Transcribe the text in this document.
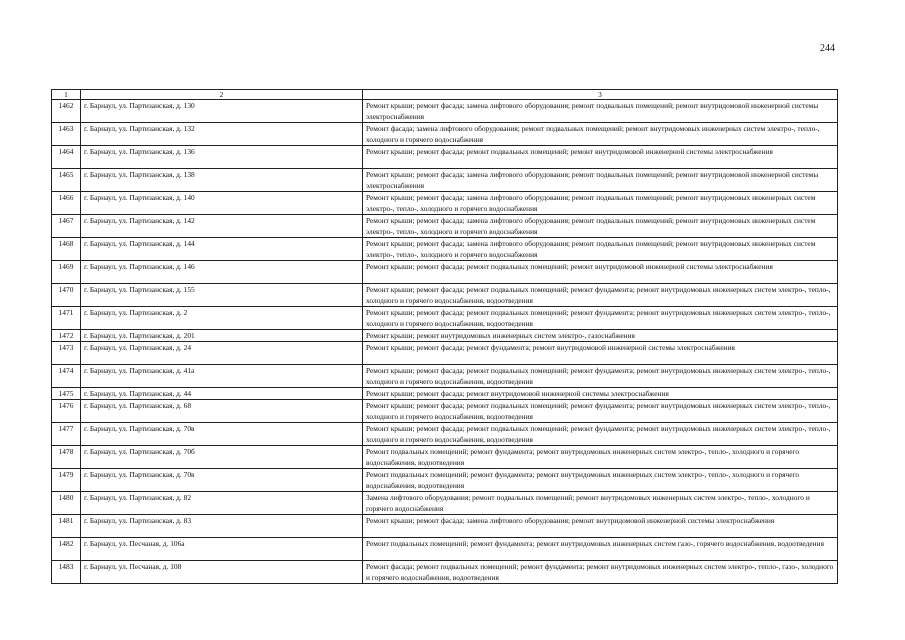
244
1	2	3
1462	г. Барнаул, ул. Партизанская, д. 130	Ремонт крыши; ремонт фасада; замена лифтового оборудования; ремонт подвальных помещений; ремонт внутридомовой инженерной системы электроснабжения
1463	г. Барнаул, ул. Партизанская, д. 132	Ремонт фасада; замена лифтового оборудования; ремонт подвальных помещений; ремонт внутридомовых инженерных систем электро-, тепло-, холодного и горячего водоснабжения
1464	г. Барнаул, ул. Партизанская, д. 136	Ремонт крыши; ремонт фасада; ремонт подвальных помещений; ремонт внутридомовой инженерной системы электроснабжения
1465	г. Барнаул, ул. Партизанская, д. 138	Ремонт крыши; ремонт фасада; замена лифтового оборудования; ремонт подвальных помещений; ремонт внутридомовой инженерной системы электроснабжения
1466	г. Барнаул, ул. Партизанская, д. 140	Ремонт крыши; ремонт фасада; замена лифтового оборудования; ремонт подвальных помещений; ремонт внутридомовых инженерных систем электро-, тепло-, холодного и горячего водоснабжения
1467	г. Барнаул, ул. Партизанская, д. 142	Ремонт крыши; ремонт фасада; замена лифтового оборудования; ремонт подвальных помещений; ремонт внутридомовых инженерных систем электро-, тепло-, холодного и горячего водоснабжения
1468	г. Барнаул, ул. Партизанская, д. 144	Ремонт крыши; ремонт фасада; замена лифтового оборудования; ремонт подвальных помещений; ремонт внутридомовых инженерных систем электро-, тепло-, холодного и горячего водоснабжения
1469	г. Барнаул, ул. Партизанская, д. 146	Ремонт крыши; ремонт фасада; ремонт подвальных помещений; ремонт внутридомовой инженерной системы электроснабжения
1470	г. Барнаул, ул. Партизанская, д. 155	Ремонт крыши; ремонт фасада; ремонт подвальных помещений; ремонт фундамента; ремонт внутридомовых инженерных систем электро-, тепло-, холодного и горячего водоснабжения, водоотведения
1471	г. Барнаул, ул. Партизанская, д. 2	Ремонт крыши; ремонт фасада; ремонт подвальных помещений; ремонт фундамента; ремонт внутридомовых инженерных систем электро-, тепло-, холодного и горячего водоснабжения, водоотведения
1472	г. Барнаул, ул. Партизанская, д. 201	Ремонт крыши; ремонт внутридомовых инженерных систем электро-, газоснабжения
1473	г. Барнаул, ул. Партизанская, д. 24	Ремонт крыши; ремонт фасада; ремонт фундамента; ремонт внутридомовой инженерной системы электроснабжения
1474	г. Барнаул, ул. Партизанская, д. 41а	Ремонт крыши; ремонт фасада; ремонт подвальных помещений; ремонт фундамента; ремонт внутридомовых инженерных систем электро-, тепло-, холодного и горячего водоснабжения, водоотведения
1475	г. Барнаул, ул. Партизанская, д. 44	Ремонт крыши; ремонт фасада; ремонт внутридомовой инженерной системы электроснабжения
1476	г. Барнаул, ул. Партизанская, д. 68	Ремонт крыши; ремонт фасада; ремонт подвальных помещений; ремонт фундамента; ремонт внутридомовых инженерных систем электро-, тепло-, холодного и горячего водоснабжения, водоотведения
1477	г. Барнаул, ул. Партизанская, д. 70в	Ремонт крыши; ремонт фасада; ремонт подвальных помещений; ремонт фундамента; ремонт внутридомовых инженерных систем электро-, тепло-, холодного и горячего водоснабжения, водоотведения
1478	г. Барнаул, ул. Партизанская, д. 70б	Ремонт подвальных помещений; ремонт фундамента; ремонт внутридомовых инженерных систем электро-, тепло-, холодного и горячего водоснабжения, водоотведения
1479	г. Барнаул, ул. Партизанская, д. 70в	Ремонт подвальных помещений; ремонт фундамента; ремонт внутридомовых инженерных систем электро-, тепло-, холодного и горячего водоснабжения, водоотведения
1480	г. Барнаул, ул. Партизанская, д. 82	Замена лифтового оборудования; ремонт подвальных помещений; ремонт внутридомовых инженерных систем электро-, тепло-, холодного и горячего водоснабжения
1481	г. Барнаул, ул. Партизанская, д. 83	Ремонт крыши; ремонт фасада; замена лифтового оборудования; ремонт внутридомовой инженерной системы электроснабжения
1482	г. Барнаул, ул. Песчаная, д. 106а	Ремонт подвальных помещений; ремонт фундамента; ремонт внутридомовых инженерных систем газо-, горячего водоснабжения, водоотведения
1483	г. Барнаул, ул. Песчаная, д. 108	Ремонт фасада; ремонт подвальных помещений; ремонт фундамента; ремонт внутридомовых инженерных систем электро-, тепло-, газо-, холодного и горячего водоснабжения, водоотведения
